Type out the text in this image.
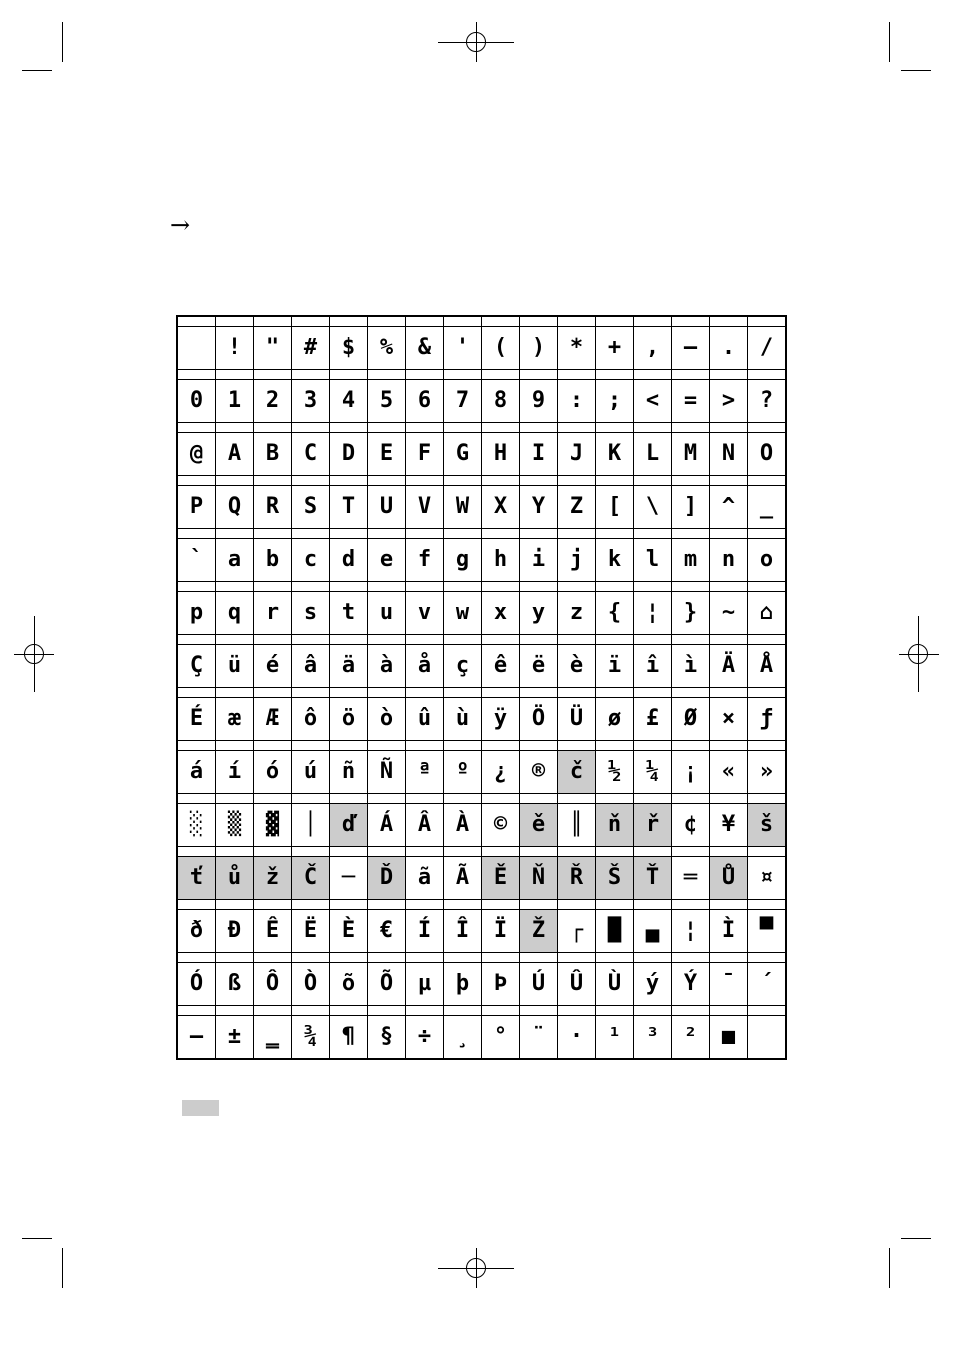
→

	!	"	#	$	%	&	'	(	)	*	+	,	–	.	/

0	1	2	3	4	5	6	7	8	9	:	;	<	=	>	?

@	A	B	C	D	E	F	G	H	I	J	K	L	M	N	O

P	Q	R	S	T	U	V	W	X	Y	Z	[	\	]	^	_

`	a	b	c	d	e	f	g	h	i	j	k	l	m	n	o

p	q	r	s	t	u	v	w	x	y	z	{	¦	}	~	⌂

Ç	ü	é	â	ä	à	å	ç	ê	ë	è	ï	î	ì	Ä	Å

É	æ	Æ	ô	ö	ò	û	ù	ÿ	Ö	Ü	ø	£	Ø	×	ƒ

á	í	ó	ú	ñ	Ñ	ª	º	¿	®	č	½	¼	¡	«	»

░	▒	▓	│	ď	Á	Â	À	©	ě	║	ň	ř	¢	¥	š

ť	ů	ž	Č	─	Ď	ã	Ã	Ě	Ň	Ř	Š	Ť	═	Ů	¤

ð	Đ	Ê	Ë	È	€	Í	Î	Ï	Ž	┌	█	▄	¦	Ì	▀

Ó	ß	Ô	Ò	õ	Õ	µ	þ	Þ	Ú	Û	Ù	ý	Ý	¯	´

–	±	‗	¾	¶	§	÷	¸	°	¨	·	¹	³	²	■	
